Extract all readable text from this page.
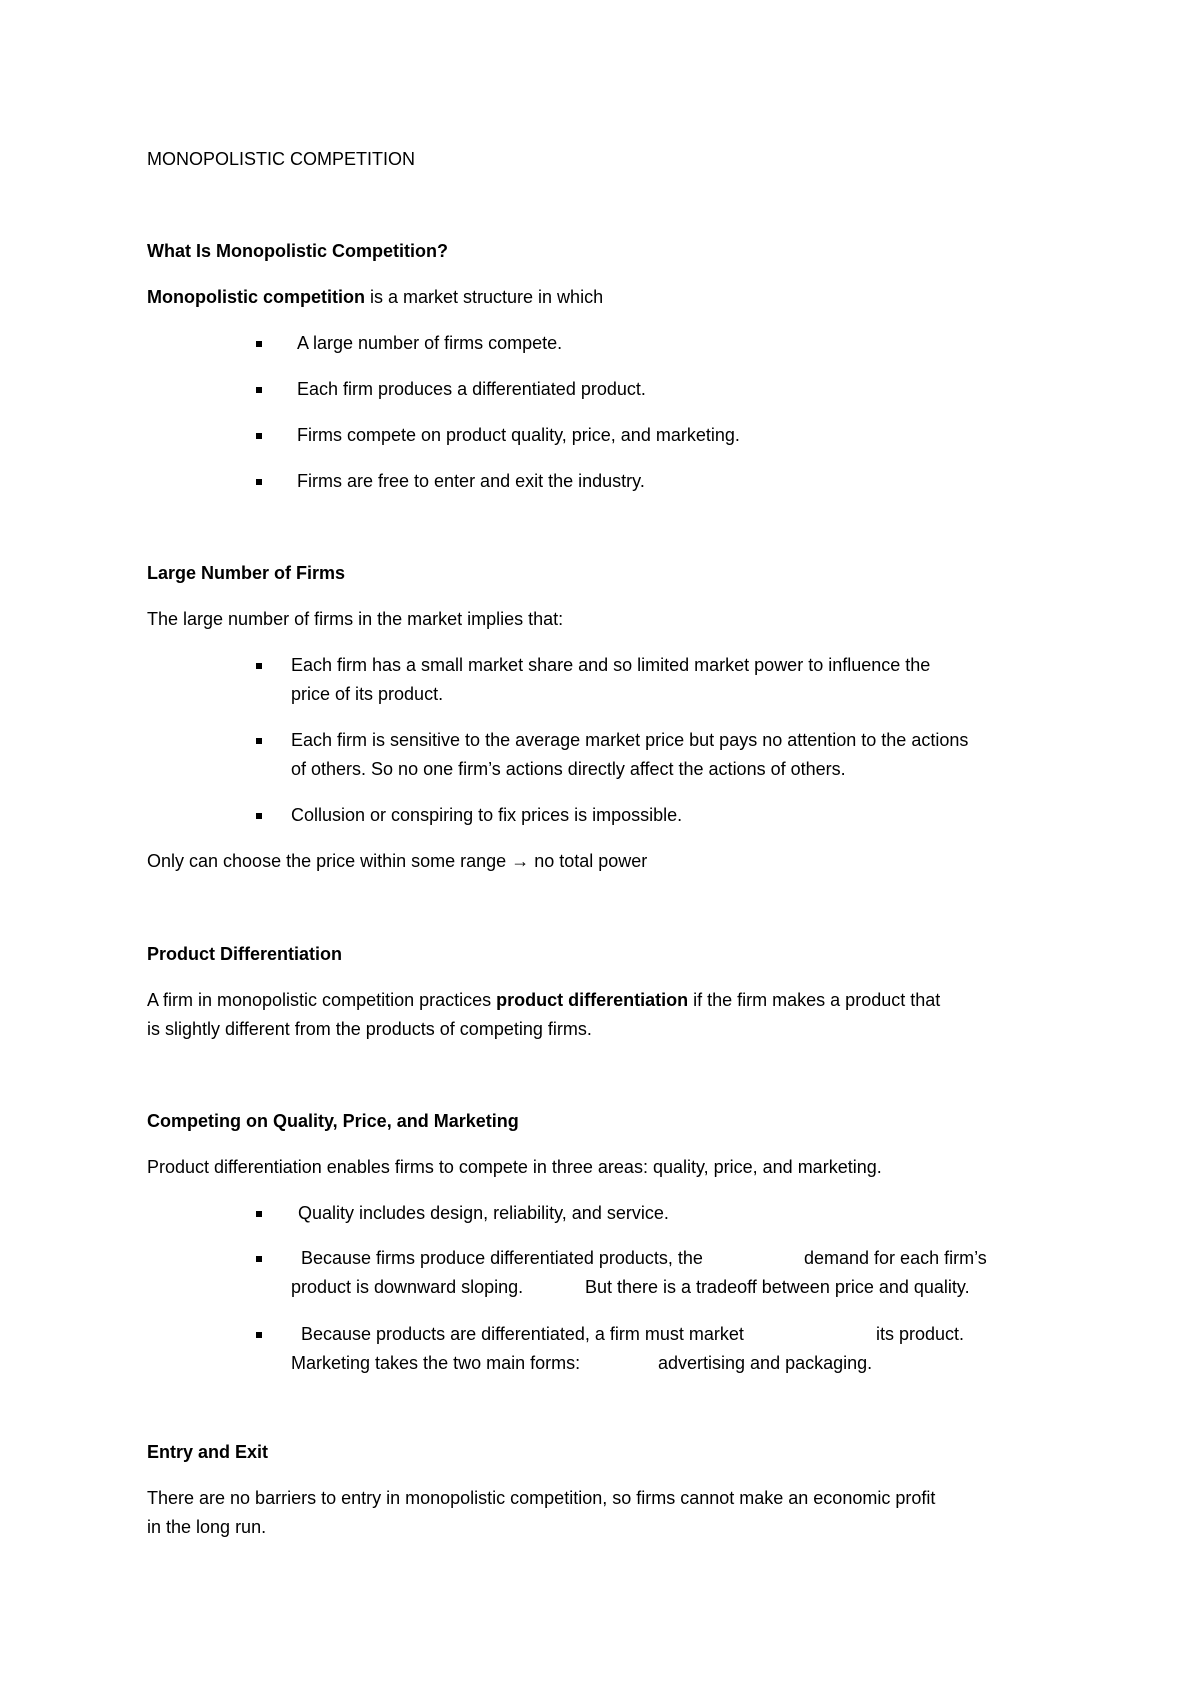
MONOPOLISTIC COMPETITION
What Is Monopolistic Competition?
Monopolistic competition is a market structure in which
A large number of firms compete.
Each firm produces a differentiated product.
Firms compete on product quality, price, and marketing.
Firms are free to enter and exit the industry.
Large Number of Firms
The large number of firms in the market implies that:
Each firm has a small market share and so limited market power to influence the
price of its product.
Each firm is sensitive to the average market price but pays no attention to the actions
of others. So no one firm’s actions directly affect the actions of others.
Collusion or conspiring to fix prices is impossible.
Only can choose the price within some range → no total power
Product Differentiation
A firm in monopolistic competition practices product differentiation if the firm makes a product that
is slightly different from the products of competing firms.
Competing on Quality, Price, and Marketing
Product differentiation enables firms to compete in three areas: quality, price, and marketing.
Quality includes design, reliability, and service.
Because firms produce differentiated products, the	demand for each firm’s
product is downward sloping.	But there is a tradeoff between price and quality.
Because products are differentiated, a firm must market	its product.
Marketing takes the two main forms:	advertising and packaging.
Entry and Exit
There are no barriers to entry in monopolistic competition, so firms cannot make an economic profit
in the long run.
